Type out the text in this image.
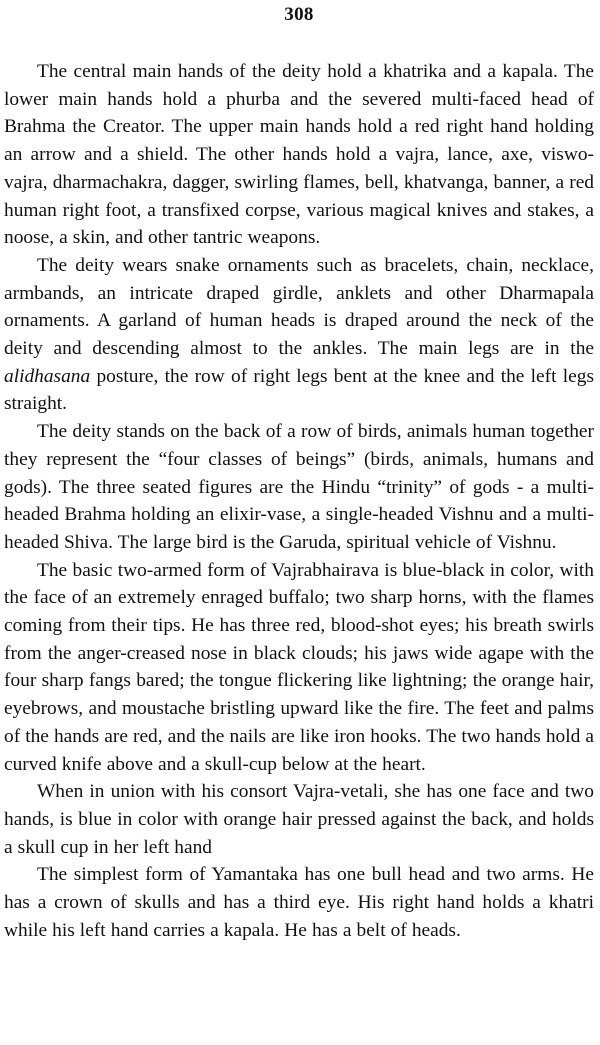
308

The central main hands of the deity hold a khatrika and a kapala. The lower main hands hold a phurba and the severed multi-faced head of Brahma the Creator. The upper main hands hold a red right hand holding an arrow and a shield. The other hands hold a vajra, lance, axe, viswo-vajra, dharmachakra, dagger, swirling flames, bell, khatvanga, banner, a red human right foot, a transfixed corpse, various magical knives and stakes, a noose, a skin, and other tantric weapons.

The deity wears snake ornaments such as bracelets, chain, necklace, armbands, an intricate draped girdle, anklets and other Dharmapala ornaments. A garland of human heads is draped around the neck of the deity and descending almost to the ankles. The main legs are in the alidhasana posture, the row of right legs bent at the knee and the left legs straight.

The deity stands on the back of a row of birds, animals human together they represent the “four classes of beings” (birds, animals, humans and gods). The three seated figures are the Hindu “trinity” of gods - a multi-headed Brahma holding an elixir-vase, a single-headed Vishnu and a multi-headed Shiva. The large bird is the Garuda, spiritual vehicle of Vishnu.

The basic two-armed form of Vajrabhairava is blue-black in color, with the face of an extremely enraged buffalo; two sharp horns, with the flames coming from their tips. He has three red, blood-shot eyes; his breath swirls from the anger-creased nose in black clouds; his jaws wide agape with the four sharp fangs bared; the tongue flickering like lightning; the orange hair, eyebrows, and moustache bristling upward like the fire. The feet and palms of the hands are red, and the nails are like iron hooks. The two hands hold a curved knife above and a skull-cup below at the heart.

When in union with his consort Vajra-vetali, she has one face and two hands, is blue in color with orange hair pressed against the back, and holds a skull cup in her left hand

The simplest form of Yamantaka has one bull head and two arms. He has a crown of skulls and has a third eye. His right hand holds a khatri while his left hand carries a kapala. He has a belt of heads.
